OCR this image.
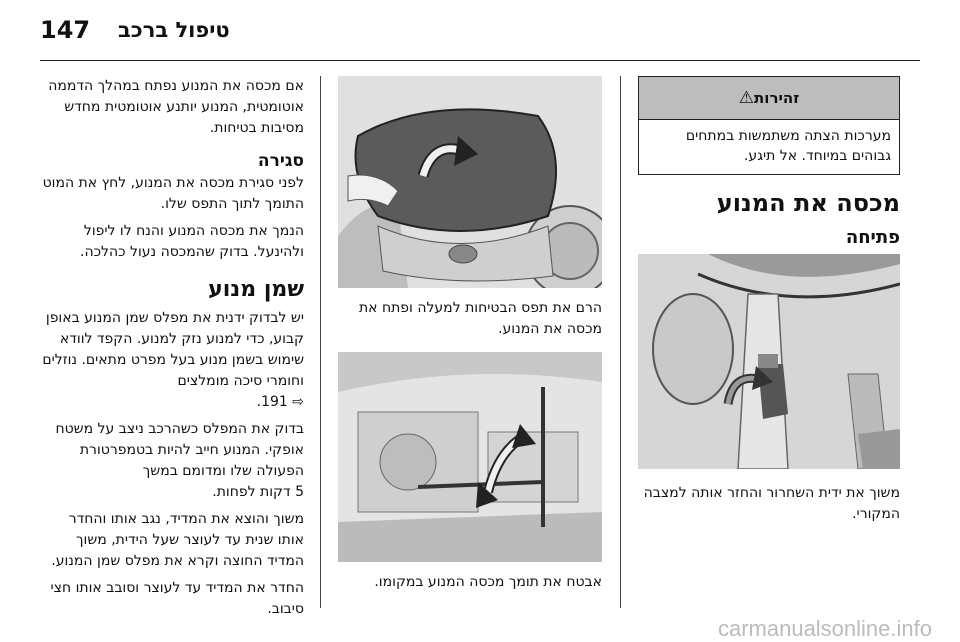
147 טיפול ברכב
זהירות⚠
מערכות הצתה משתמשות במתחים גבוהים במיוחד. אל תיגע.

מכסה את המנוע

פתיחה

משוך את ידית השחרור והחזר אותה למצבה המקורי.

הרם את תפס הבטיחות למעלה ופתח את מכסה את המנוע.

אבטח את תומך מכסה המנוע במקומו.

אם מכסה את המנוע נפתח במהלך הדממה אוטומטית, המנוע יותנע אוטומטית מחדש מסיבות בטיחות.

סגירה

לפני סגירת מכסה את המנוע, לחץ את המוט התומך לתוך התפס שלו.

הנמך את מכסה המנוע והנח לו ליפול ולהינעל. בדוק שהמכסה נעול כהלכה.

שמן מנוע

יש לבדוק ידנית את מפלס שמן המנוע באופן קבוע, כדי למנוע נזק למנוע. הקפד לוודא שימוש בשמן מנוע בעל מפרט מתאים. נוזלים וחומרי סיכה מומלצים

⇨ 191.

בדוק את המפלס כשהרכב ניצב על משטח אופקי. המנוע חייב להיות בטמפרטורת הפעולה שלו ומדומם במשך

5 דקות לפחות.

משוך והוצא את המדיד, נגב אותו והחדר אותו שנית עד לעוצר שעל הידית, משוך המדיד החוצה וקרא את מפלס שמן המנוע.

החדר את המדיד עד לעוצר וסובב אותו חצי סיבוב.

carmanualsonline.info
